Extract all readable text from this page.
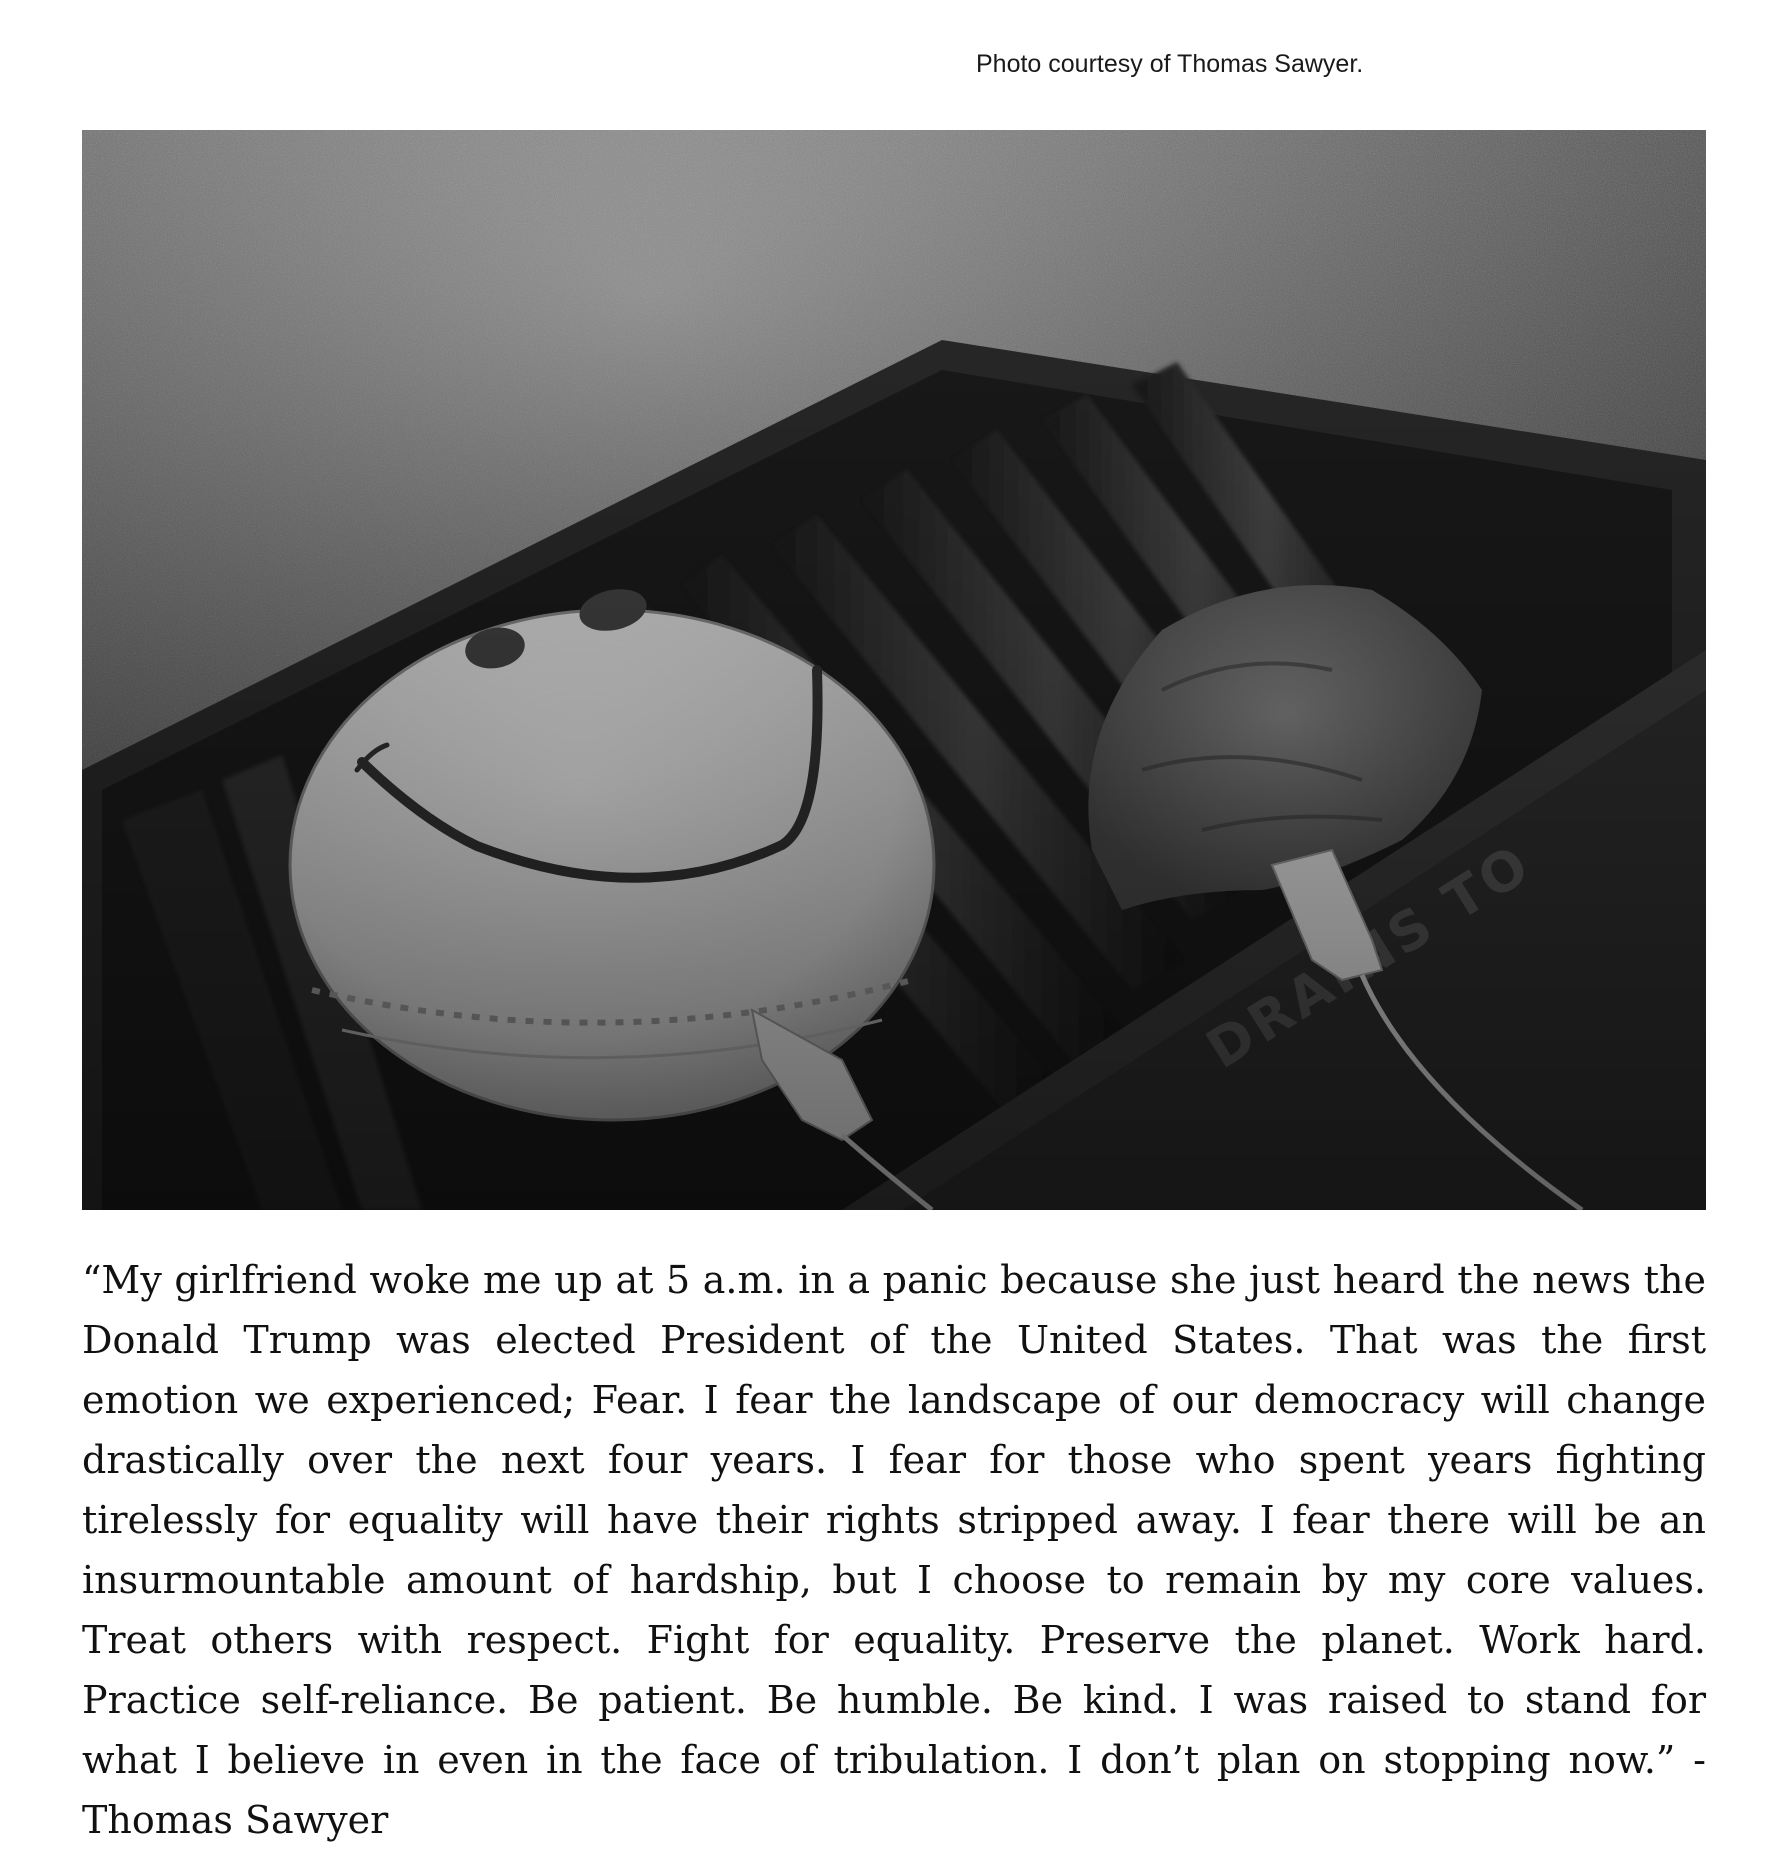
Photo courtesy of Thomas Sawyer.

“My girlfriend woke me up at 5 a.m. in a panic because she just heard the news the Donald Trump was elected President of the United States. That was the first emotion we experienced; Fear. I fear the landscape of our democracy will change drastically over the next four years. I fear for those who spent years fighting tirelessly for equality will have their rights stripped away. I fear there will be an insurmountable amount of hardship, but I choose to remain by my core values. Treat others with respect. Fight for equality. Preserve the planet. Work hard. Practice self-reliance. Be patient. Be humble. Be kind. I was raised to stand for what I believe in even in the face of tribulation. I don’t plan on stopping now.” - Thomas Sawyer
